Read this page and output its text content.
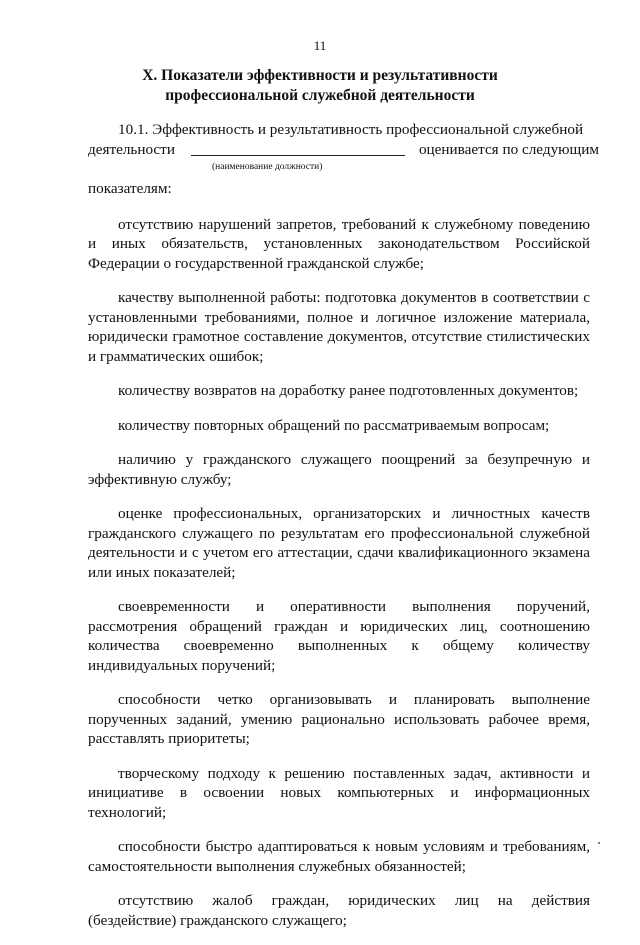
11
X. Показатели эффективности и результативности
профессиональной служебной деятельности

10.1. Эффективность и результативность профессиональной служебной

деятельности	оценивается по следующим
(наименование должности)

показателям:

отсутствию нарушений запретов, требований к служебному поведению и иных обязательств, установленных законодательством Российской Федерации о государственной гражданской службе;

качеству выполненной работы: подготовка документов в соответствии с установленными требованиями, полное и логичное изложение материала, юридически грамотное составление документов, отсутствие стилистических и грамматических ошибок;

количеству возвратов на доработку ранее подготовленных документов;

количеству повторных обращений по рассматриваемым вопросам;

наличию у гражданского служащего поощрений за безупречную и эффективную службу;

оценке профессиональных, организаторских и личностных качеств гражданского служащего по результатам его профессиональной служебной деятельности и с учетом его аттестации, сдачи квалификационного экзамена или иных показателей;

своевременности и оперативности выполнения поручений, рассмотрения обращений граждан и юридических лиц, соотношению количества своевременно выполненных к общему количеству индивидуальных поручений;

способности четко организовывать и планировать выполнение порученных заданий, умению рационально использовать рабочее время, расставлять приоритеты;

творческому подходу к решению поставленных задач, активности и инициативе в освоении новых компьютерных и информационных технологий;

способности быстро адаптироваться к новым условиям и требованиям, самостоятельности выполнения служебных обязанностей;

отсутствию жалоб граждан, юридических лиц на действия (бездействие) гражданского служащего;
